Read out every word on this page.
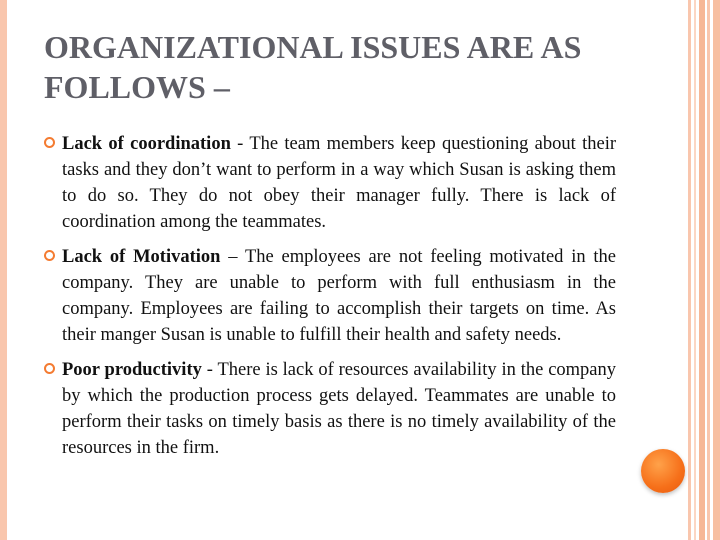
ORGANIZATIONAL ISSUES ARE AS FOLLOWS –

Lack of coordination - The team members keep questioning about their tasks and they don’t want to perform in a way which Susan is asking them to do so. They do not obey their manager fully. There is lack of coordination among the teammates.

Lack of Motivation – The employees are not feeling motivated in the company. They are unable to perform with full enthusiasm in the company. Employees are failing to accomplish their targets on time. As their manger Susan is unable to fulfill their health and safety needs.

Poor productivity - There is lack of resources availability in the company by which the production process gets delayed. Teammates are unable to perform their tasks on timely basis as there is no timely availability of the resources in the firm.
